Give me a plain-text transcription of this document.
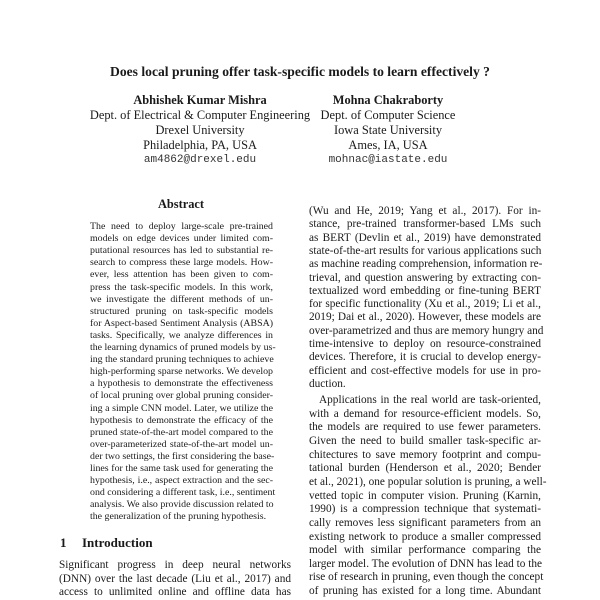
Does local pruning offer task-specific models to learn effectively ?
Abhishek Kumar Mishra
Dept. of Electrical & Computer Engineering
Drexel University
Philadelphia, PA, USA
am4862@drexel.edu
Mohna Chakraborty
Dept. of Computer Science
Iowa State University
Ames, IA, USA
mohnac@iastate.edu
Abstract
The need to deploy large-scale pre-trained
models on edge devices under limited com-
putational resources has led to substantial re-
search to compress these large models. How-
ever, less attention has been given to com-
press the task-specific models. In this work,
we investigate the different methods of un-
structured pruning on task-specific models
for Aspect-based Sentiment Analysis (ABSA)
tasks. Specifically, we analyze differences in
the learning dynamics of pruned models by us-
ing the standard pruning techniques to achieve
high-performing sparse networks. We develop
a hypothesis to demonstrate the effectiveness
of local pruning over global pruning consider-
ing a simple CNN model. Later, we utilize the
hypothesis to demonstrate the efficacy of the
pruned state-of-the-art model compared to the
over-parameterized state-of-the-art model un-
der two settings, the first considering the base-
lines for the same task used for generating the
hypothesis, i.e., aspect extraction and the sec-
ond considering a different task, i.e., sentiment
analysis. We also provide discussion related to
the generalization of the pruning hypothesis.
1 Introduction
Significant progress in deep neural networks
(DNN) over the last decade (Liu et al., 2017) and
access to unlimited online and offline data has
(Wu and He, 2019; Yang et al., 2017). For in-
stance, pre-trained transformer-based LMs such
as BERT (Devlin et al., 2019) have demonstrated
state-of-the-art results for various applications such
as machine reading comprehension, information re-
trieval, and question answering by extracting con-
textualized word embedding or fine-tuning BERT
for specific functionality (Xu et al., 2019; Li et al.,
2019; Dai et al., 2020). However, these models are
over-parametrized and thus are memory hungry and
time-intensive to deploy on resource-constrained
devices. Therefore, it is crucial to develop energy-
efficient and cost-effective models for use in pro-
duction.
Applications in the real world are task-oriented,
with a demand for resource-efficient models. So,
the models are required to use fewer parameters.
Given the need to build smaller task-specific ar-
chitectures to save memory footprint and compu-
tational burden (Henderson et al., 2020; Bender
et al., 2021), one popular solution is pruning, a well-
vetted topic in computer vision. Pruning (Karnin,
1990) is a compression technique that systemati-
cally removes less significant parameters from an
existing network to produce a smaller compressed
model with similar performance comparing the
larger model. The evolution of DNN has lead to the
rise of research in pruning, even though the concept
of pruning has existed for a long time. Abundant
